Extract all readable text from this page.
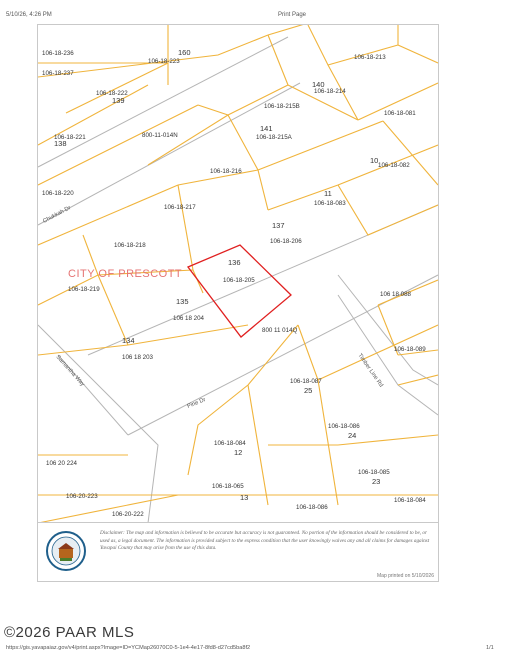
5/10/26, 4:26 PM	Print Page
Chukkah Dr
Pine Dr
Timber Line Rd
Samantha Way
CITY OF PRESCOTT
106-18-236
106-18-223
106-18-213
106-18-237
106-18-222	106-18-214
106-18-215B
106-18-221	800-11-014N	106-18-215A
106-18-081
106-18-216
106-18-082
106-18-220
106-18-217
106-18-083
106-18-218
106-18-206
106-18-205
106-18-219
106 18 204
106 18 203
800 11 014Q
106 18 088
106-18-089
106-18-087
106-18-086
106-18-084
106-18-085
106-18-065
106-18-086
106-18-084
106 20 224
106-20-223
106-20-222
160
139
138
140
141
136
137
135
134
25
24
12
23
13
11
10
Disclaimer: The map and information is believed to be accurate but accuracy is not guaranteed. No portion of the information should be considered to be, or used as, a legal document. The information is provided subject to the express condition that the user knowingly waives any and all claims for damages against Yavapai County that may arise from the use of this data.
Map printed on 5/10/2026
©2026 PAAR MLS
https://gis.yavapaiaz.gov/v4/print.aspx?Image=ID=YCMap26070C0-5-1e4-4e17-8fd8-d27cd5ba8f2	1/1
